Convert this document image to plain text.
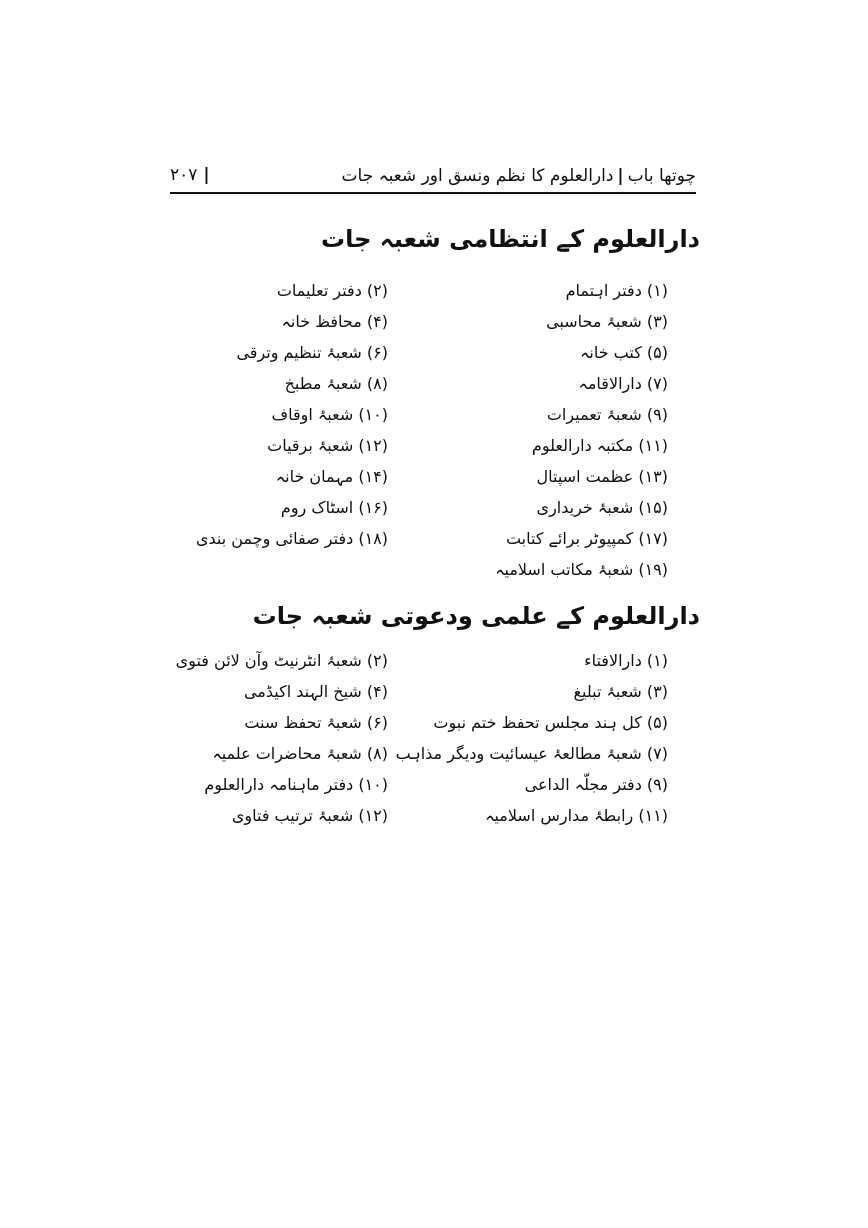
چوتھا باب|دارالعلوم کا نظم ونسق اور شعبہ جات
|
۲۰۷
دارالعلوم کے انتظامی شعبہ جات
(۱) دفتر اہتمام
(۳) شعبۂ محاسبی
(۵) کتب خانہ
(۷) دارالاقامہ
(۹) شعبۂ تعمیرات
(۱۱) مکتبہ دارالعلوم
(۱۳) عظمت اسپتال
(۱۵) شعبۂ خریداری
(۱۷) کمپیوٹر برائے کتابت
(۱۹) شعبۂ مکاتب اسلامیہ
(۲) دفتر تعلیمات
(۴) محافظ خانہ
(۶) شعبۂ تنظیم وترقی
(۸) شعبۂ مطبخ
(۱۰) شعبۂ اوقاف
(۱۲) شعبۂ برقیات
(۱۴) مہمان خانہ
(۱۶) اسٹاک روم
(۱۸) دفتر صفائی وچمن بندی
دارالعلوم کے علمی ودعوتی شعبہ جات
(۱) دارالافتاء
(۳) شعبۂ تبلیغ
(۵) کل ہند مجلس تحفظ ختم نبوت
(۷) شعبۂ مطالعۂ عیسائیت ودیگر مذاہب
(۹) دفتر مجلّہ الداعی
(۱۱) رابطۂ مدارس اسلامیہ
(۲) شعبۂ انٹرنیٹ وآن لائن فتوی
(۴) شیخ الہند اکیڈمی
(۶) شعبۂ تحفظ سنت
(۸) شعبۂ محاضرات علمیہ
(۱۰) دفتر ماہنامہ دارالعلوم
(۱۲) شعبۂ ترتیب فتاوی
